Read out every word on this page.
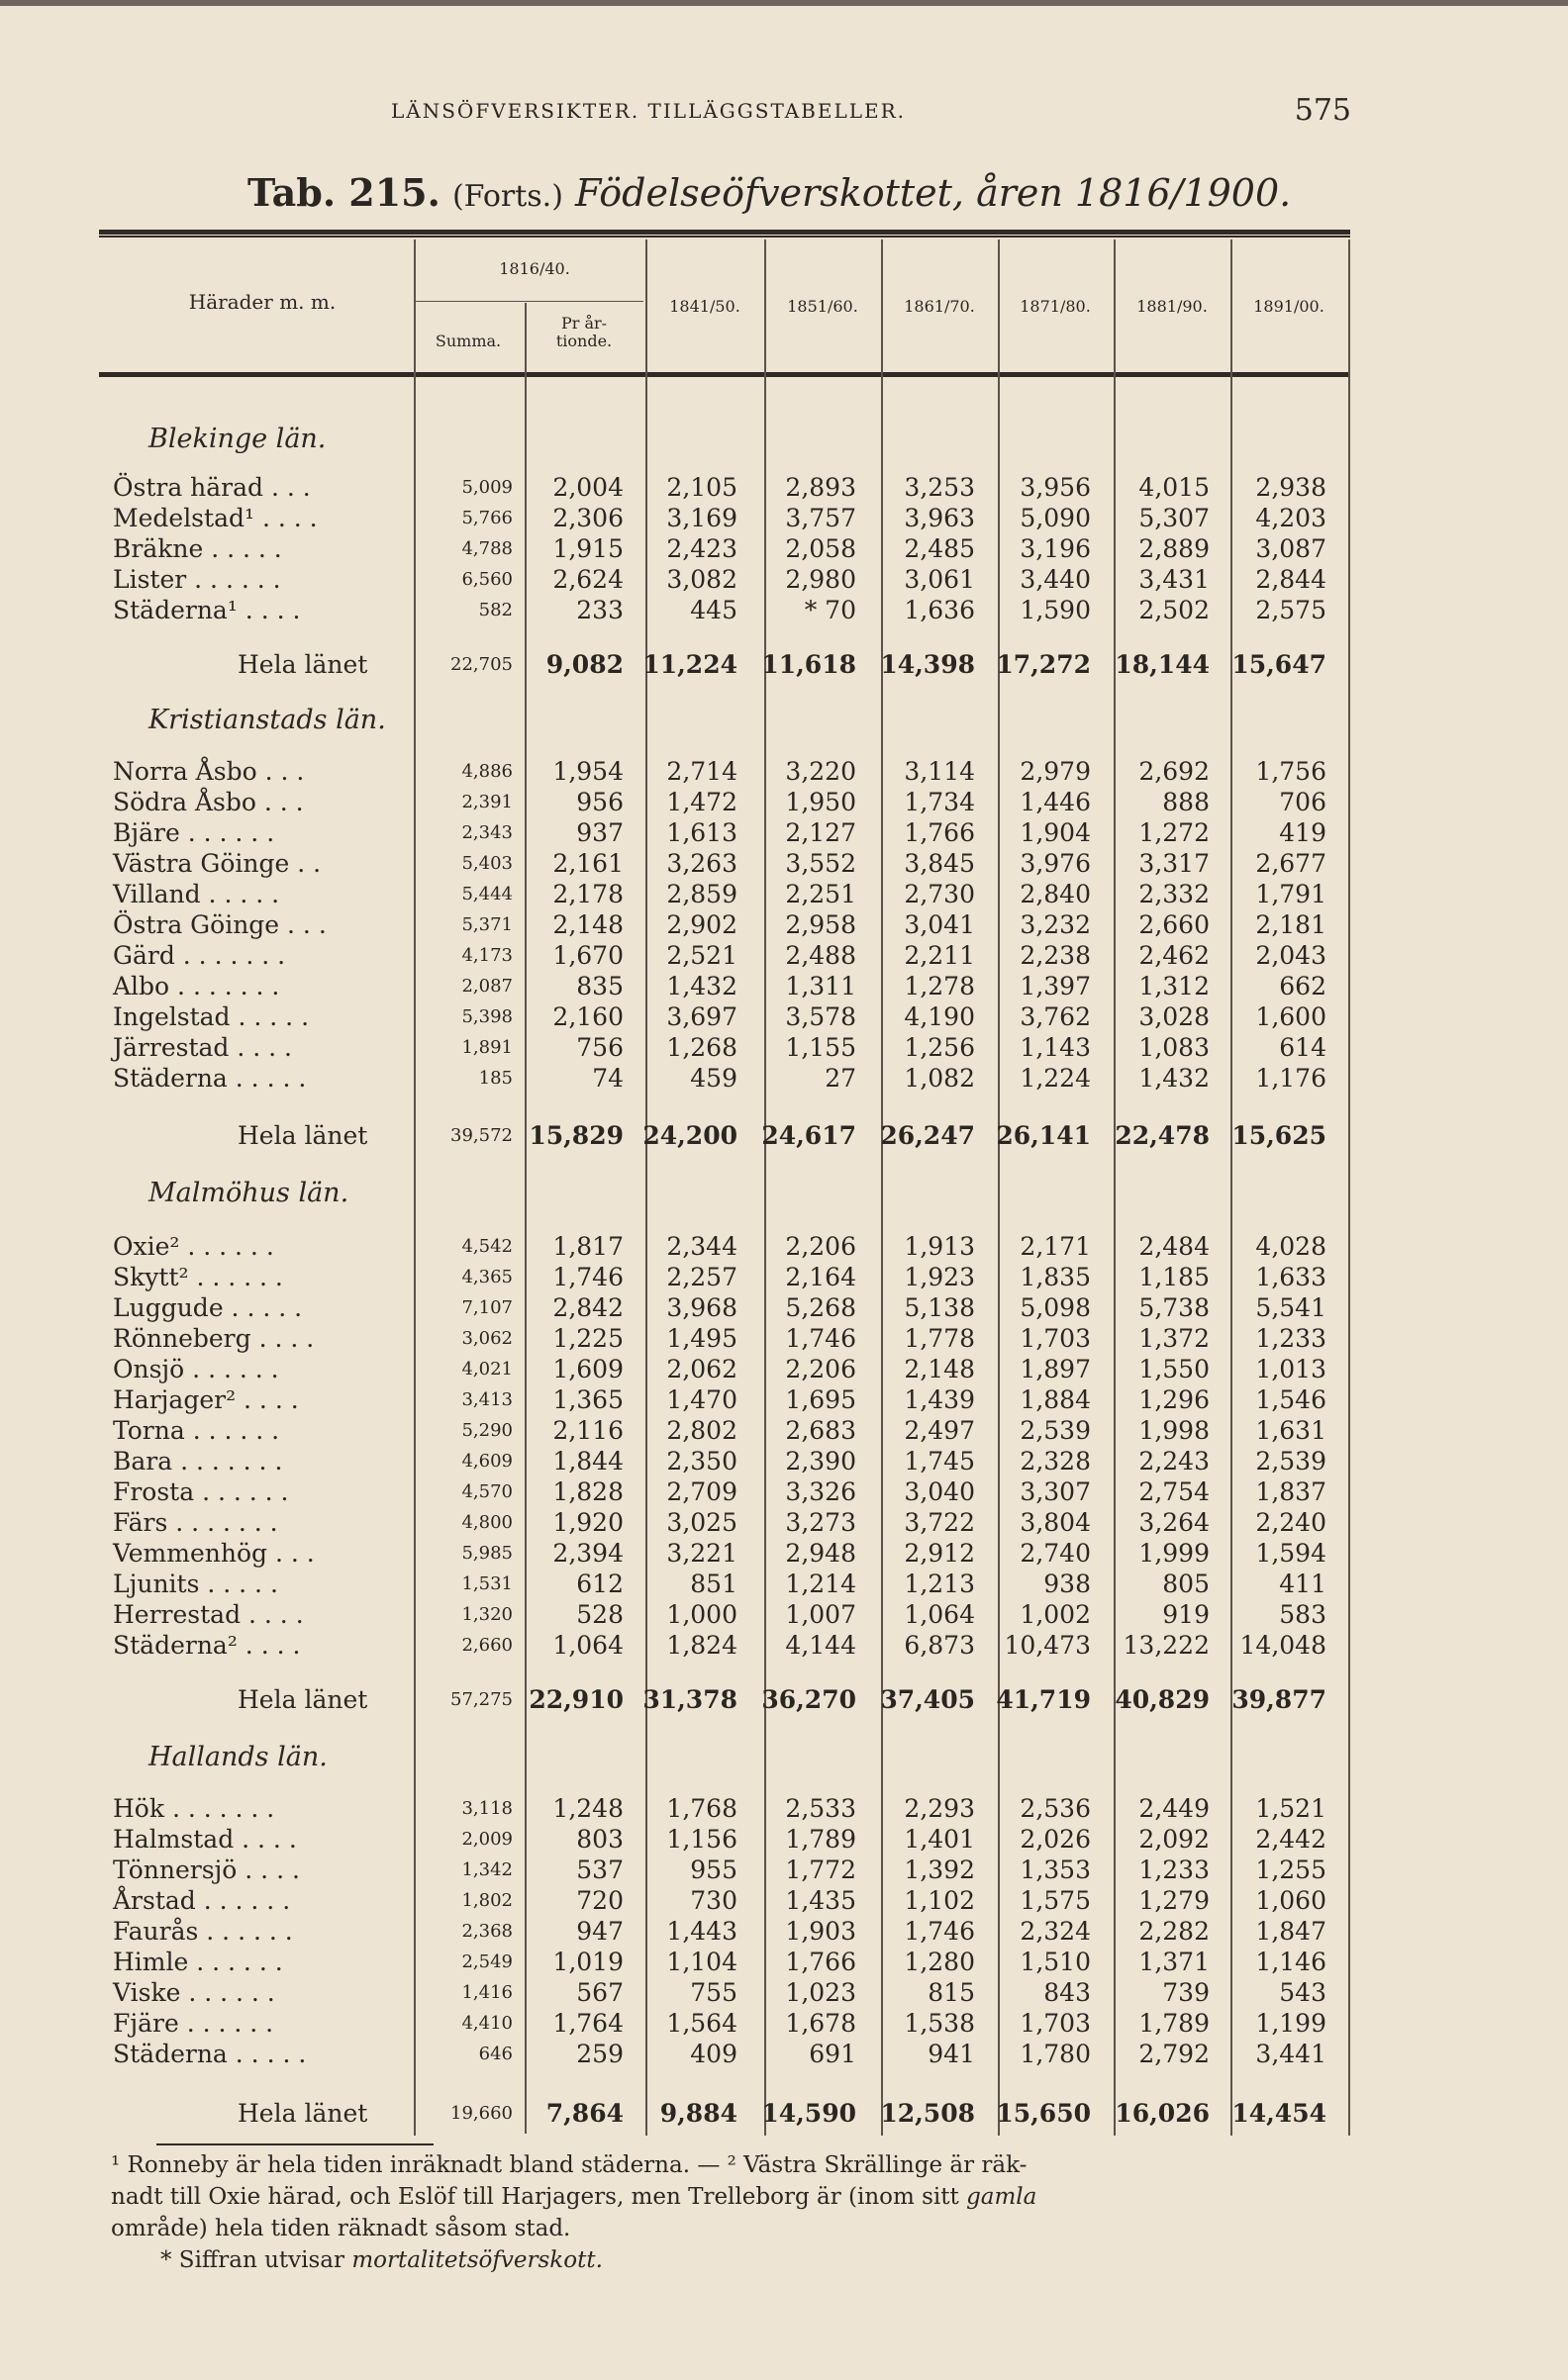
LÄNSÖFVERSIKTER. TILLÄGGSTABELLER.	575
Tab. 215. (Forts.) Födelseöfverskottet, åren 1816/1900.
Härader m. m.
1816/40.
Summa.
Pr år-
tionde.
1841/50.	1851/60.	1861/70.	1871/80.	1881/90.	1891/00.
Blekinge län.
Östra härad . . .	5,009 2,004 2,105 2,893 3,253 3,956 4,015 2,938
Medelstad¹ . . . .	5,766 2,306 3,169 3,757 3,963 5,090 5,307 4,203
Bräkne . . . . .	4,788 1,915 2,423 2,058 2,485 3,196 2,889 3,087
Lister . . . . . .	6,560 2,624 3,082 2,980 3,061 3,440 3,431 2,844
Städerna¹ . . . .	582	233	445	* 70 1,636 1,590 2,502 2,575
Hela länet	22,705 9,082 11,224 11,618 14,398 17,272 18,144 15,647
Kristianstads län.
Norra Åsbo . . .	4,886 1,954 2,714 3,220 3,114 2,979 2,692 1,756
Södra Åsbo . . .	2,391	956 1,472 1,950 1,734 1,446	888	706
Bjäre . . . . . .	2,343	937 1,613 2,127 1,766 1,904 1,272	419
Västra Göinge . .	5,403 2,161 3,263 3,552 3,845 3,976 3,317 2,677
Villand . . . . .	5,444 2,178 2,859 2,251 2,730 2,840 2,332 1,791
Östra Göinge . . .	5,371 2,148 2,902 2,958 3,041 3,232 2,660 2,181
Gärd . . . . . . .	4,173 1,670 2,521 2,488 2,211 2,238 2,462 2,043
Albo . . . . . . .	2,087	835 1,432 1,311 1,278 1,397 1,312	662
Ingelstad . . . . .	5,398 2,160 3,697 3,578 4,190 3,762 3,028 1,600
Järrestad . . . .	1,891	756 1,268 1,155 1,256 1,143 1,083	614
Städerna . . . . .	185	74	459	27 1,082 1,224 1,432 1,176
Hela länet	39,572 15,829 24,200 24,617 26,247 26,141 22,478 15,625
Malmöhus län.
Oxie² . . . . . .	4,542 1,817 2,344 2,206 1,913 2,171 2,484 4,028
Skytt² . . . . . .	4,365 1,746 2,257 2,164 1,923 1,835 1,185 1,633
Luggude . . . . .	7,107 2,842 3,968 5,268 5,138 5,098 5,738 5,541
Rönneberg . . . .	3,062 1,225 1,495 1,746 1,778 1,703 1,372 1,233
Onsjö . . . . . .	4,021 1,609 2,062 2,206 2,148 1,897 1,550 1,013
Harjager² . . . .	3,413 1,365 1,470 1,695 1,439 1,884 1,296 1,546
Torna . . . . . .	5,290 2,116 2,802 2,683 2,497 2,539 1,998 1,631
Bara . . . . . . .	4,609 1,844 2,350 2,390 1,745 2,328 2,243 2,539
Frosta . . . . . .	4,570 1,828 2,709 3,326 3,040 3,307 2,754 1,837
Färs . . . . . . .	4,800 1,920 3,025 3,273 3,722 3,804 3,264 2,240
Vemmenhög . . .	5,985 2,394 3,221 2,948 2,912 2,740 1,999 1,594
Ljunits . . . . .	1,531	612	851 1,214 1,213	938	805	411
Herrestad . . . .	1,320	528 1,000 1,007 1,064 1,002	919	583
Städerna² . . . .	2,660 1,064 1,824 4,144 6,873 10,473 13,222 14,048
Hela länet	57,275 22,910 31,378 36,270 37,405 41,719 40,829 39,877
Hallands län.
Hök . . . . . . .	3,118 1,248 1,768 2,533 2,293 2,536 2,449 1,521
Halmstad . . . .	2,009	803 1,156 1,789 1,401 2,026 2,092 2,442
Tönnersjö . . . .	1,342	537	955 1,772 1,392 1,353 1,233 1,255
Årstad . . . . . .	1,802	720	730 1,435 1,102 1,575 1,279 1,060
Faurås . . . . . .	2,368	947 1,443 1,903 1,746 2,324 2,282 1,847
Himle . . . . . .	2,549 1,019 1,104 1,766 1,280 1,510 1,371 1,146
Viske . . . . . .	1,416	567	755 1,023	815	843	739	543
Fjäre . . . . . .	4,410 1,764 1,564 1,678 1,538 1,703 1,789 1,199
Städerna . . . . .	646	259	409	691	941 1,780 2,792 3,441
Hela länet	19,660 7,864 9,884 14,590 12,508 15,650 16,026 14,454

¹ Ronneby är hela tiden inräknadt bland städerna. — ² Västra Skrällinge är räk-

nadt till Oxie härad, och Eslöf till Harjagers, men Trelleborg är (inom sitt gamla

område) hela tiden räknadt såsom stad.

* Siffran utvisar mortalitetsöfverskott.
